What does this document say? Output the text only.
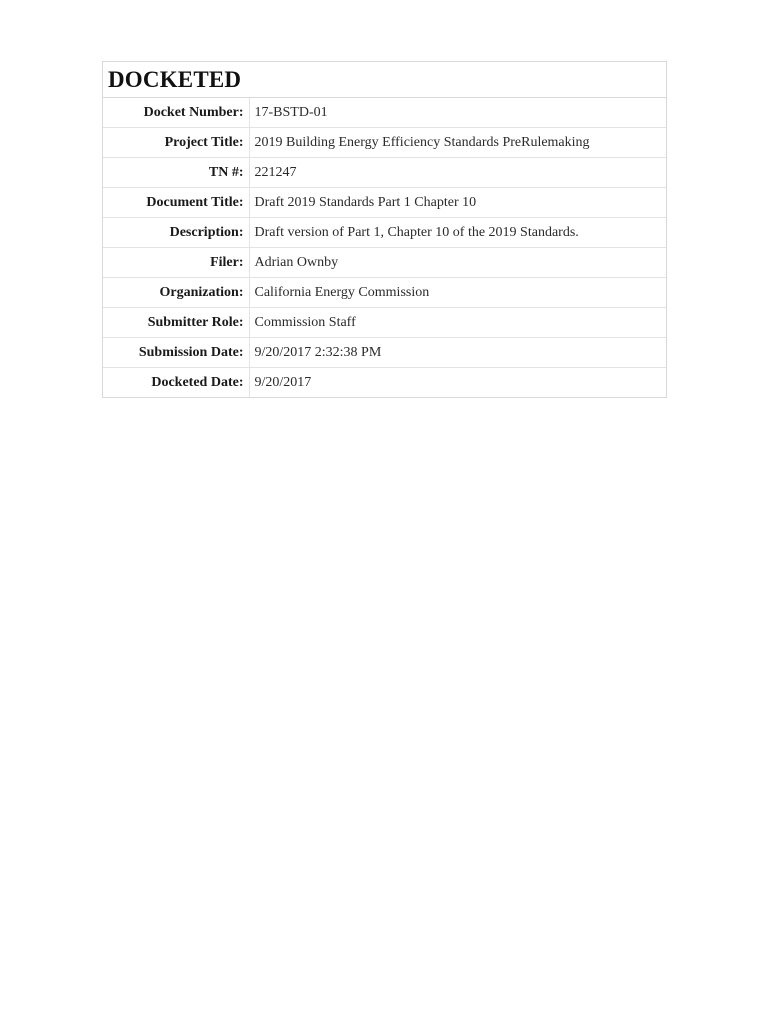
DOCKETED
Docket Number:	17-BSTD-01
Project Title:	2019 Building Energy Efficiency Standards PreRulemaking
TN #:	221247
Document Title:	Draft 2019 Standards Part 1 Chapter 10
Description:	Draft version of Part 1, Chapter 10 of the 2019 Standards.
Filer:	Adrian Ownby
Organization:	California Energy Commission
Submitter Role:	Commission Staff
Submission Date:	9/20/2017 2:32:38 PM
Docketed Date:	9/20/2017
